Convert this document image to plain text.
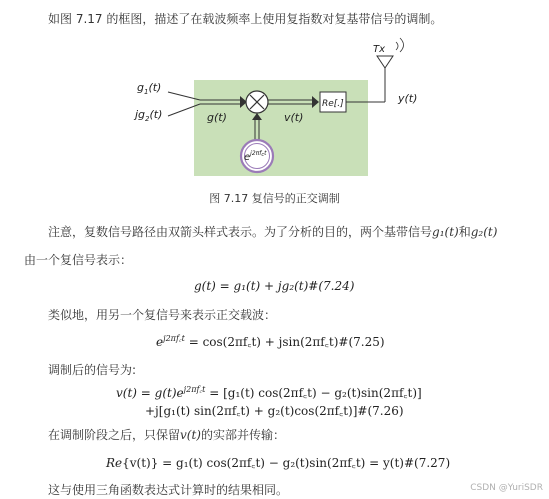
如图 7.17 的框图，描述了在载波频率上使用复指数对复基带信号的调制。
$g_1(t)$
$jg_2(t)$	g(t)	v(t)
Re[.]	y(t)
Tx
$e^{j2\pi f}ct$
图 7.17 复信号的正交调制
注意，复数信号路径由双箭头样式表示。为了分析的目的，两个基带信号g₁(t)和g₂(t)
由一个复信号表示：
g(t) = g₁(t) + jg₂(t)#(7.24)
类似地，用另一个复信号来表示正交载波：
$e^{j2\pi f꜀t}$ = cos(2πf꜀t) + jsin(2πf꜀t)#(7.25)
调制后的信号为:
$v(t) = g(t)e^{j2\pi f꜀t} = [g_1(t)$ cos(2πf꜀t) − g₂(t)sin(2πf꜀t)]
+j[g₁(t) sin(2πf꜀t) + g₂(t)cos(2πf꜀t)]#(7.26)
在调制阶段之后，只保留v(t)的实部并传输：
𝑅𝑒{v(t)} = g₁(t) cos(2πf꜀t) − g₂(t)sin(2πf꜀t) = y(t)#(7.27)
这与使用三角函数表达式计算时的结果相同。	CSDN @YuriSDR
